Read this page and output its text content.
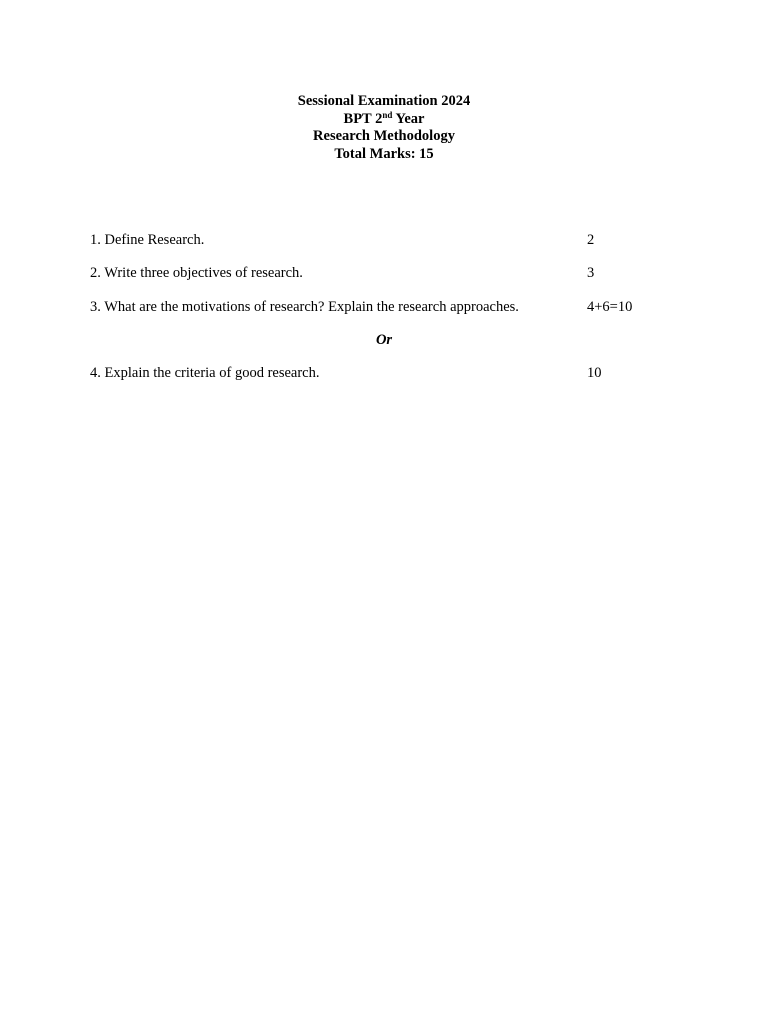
Sessional Examination 2024
BPT 2nd Year
Research Methodology
Total Marks: 15
1. Define Research.	2
2. Write three objectives of research.	3
3. What are the motivations of research? Explain the research approaches.	4+6=10
Or
4. Explain the criteria of good research.	10
